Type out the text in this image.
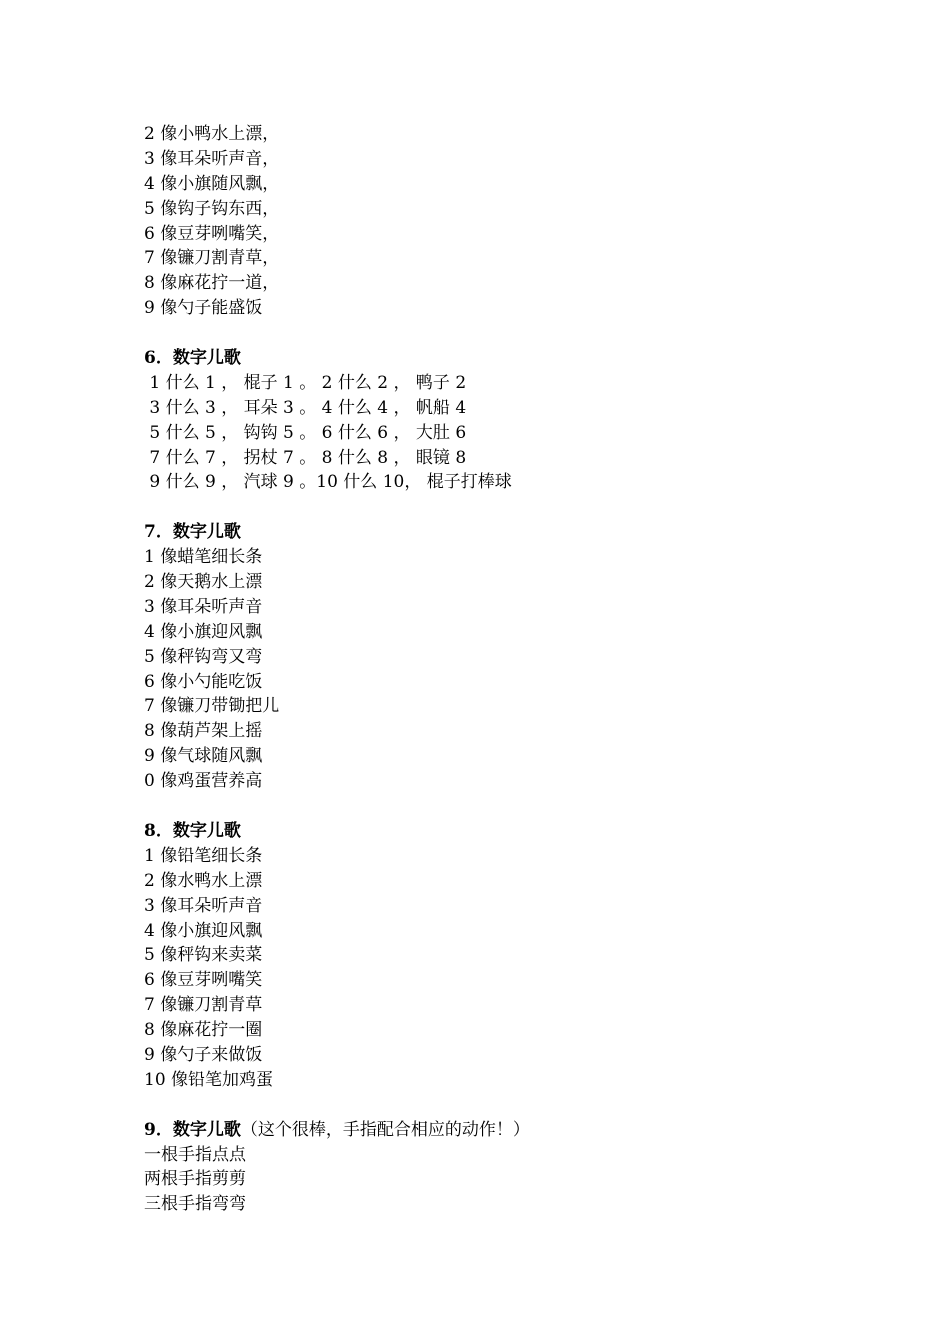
2 像小鸭水上漂，
3 像耳朵听声音，
4 像小旗随风飘，
5 像钩子钩东西，
6 像豆芽咧嘴笑，
7 像镰刀割青草，
8 像麻花拧一道，
9 像勺子能盛饭
6．数字儿歌
1 什么 1 ， 棍子 1 。 2 什么 2 ， 鸭子 2
3 什么 3 ， 耳朵 3 。 4 什么 4 ， 帆船 4
5 什么 5 ， 钩钩 5 。 6 什么 6 ， 大肚 6
7 什么 7 ， 拐杖 7 。 8 什么 8 ， 眼镜 8
9 什么 9 ， 汽球 9 。10 什么 10， 棍子打棒球
7．数字儿歌
1 像蜡笔细长条
2 像天鹅水上漂
3 像耳朵听声音
4 像小旗迎风飘
5 像秤钩弯又弯
6 像小勺能吃饭
7 像镰刀带锄把儿
8 像葫芦架上摇
9 像气球随风飘
0 像鸡蛋营养高
8．数字儿歌
1 像铅笔细长条
2 像水鸭水上漂
3 像耳朵听声音
4 像小旗迎风飘
5 像秤钩来卖菜
6 像豆芽咧嘴笑
7 像镰刀割青草
8 像麻花拧一圈
9 像勺子来做饭
10 像铅笔加鸡蛋
9．数字儿歌（这个很棒，手指配合相应的动作！）
一根手指点点
两根手指剪剪
三根手指弯弯
